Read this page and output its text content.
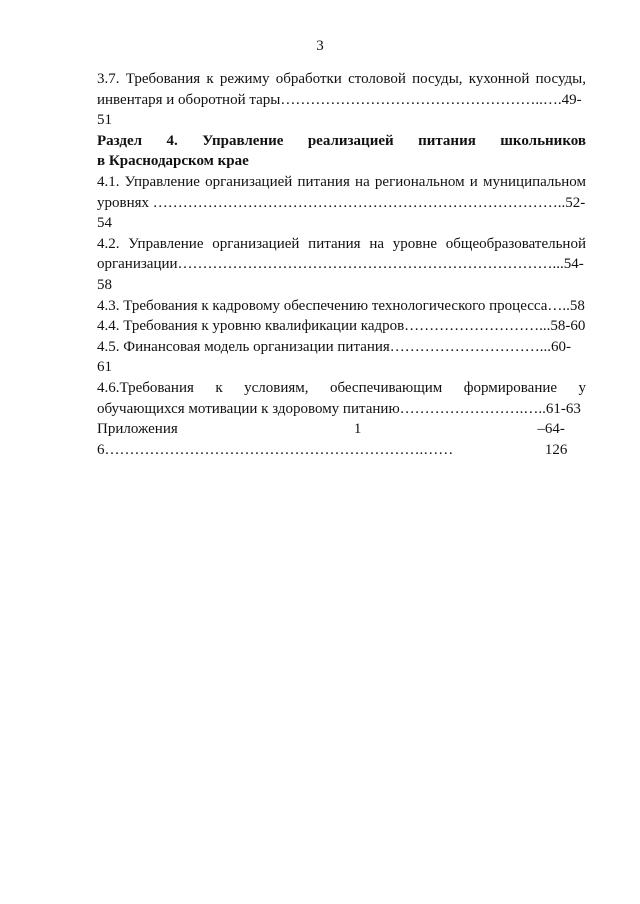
3
3.7. Требования к режиму обработки столовой посуды, кухонной посуды,
инвентаря и оборотной тары……………………………………………..….49-51
Раздел 4. Управление реализацией питания школьников
в Краснодарском крае
4.1. Управление организацией питания на региональном и муниципальном
уровнях ………………………………………………………………………..52-54
4.2. Управление организацией питания на уровне общеобразовательной
организации…………………………………………………………………...54-58
4.3. Требования к кадровому обеспечению технологического процесса…..58
4.4. Требования к уровню квалификации кадров………………………...58-60
4.5. Финансовая модель организации питания…………………………...60-61
4.6.Требования к условиям, обеспечивающим формирование у
обучающихся мотивации к здоровому питанию…………………….…..61-63
Приложения 1 – 6……………………………………………………….……
64-126
